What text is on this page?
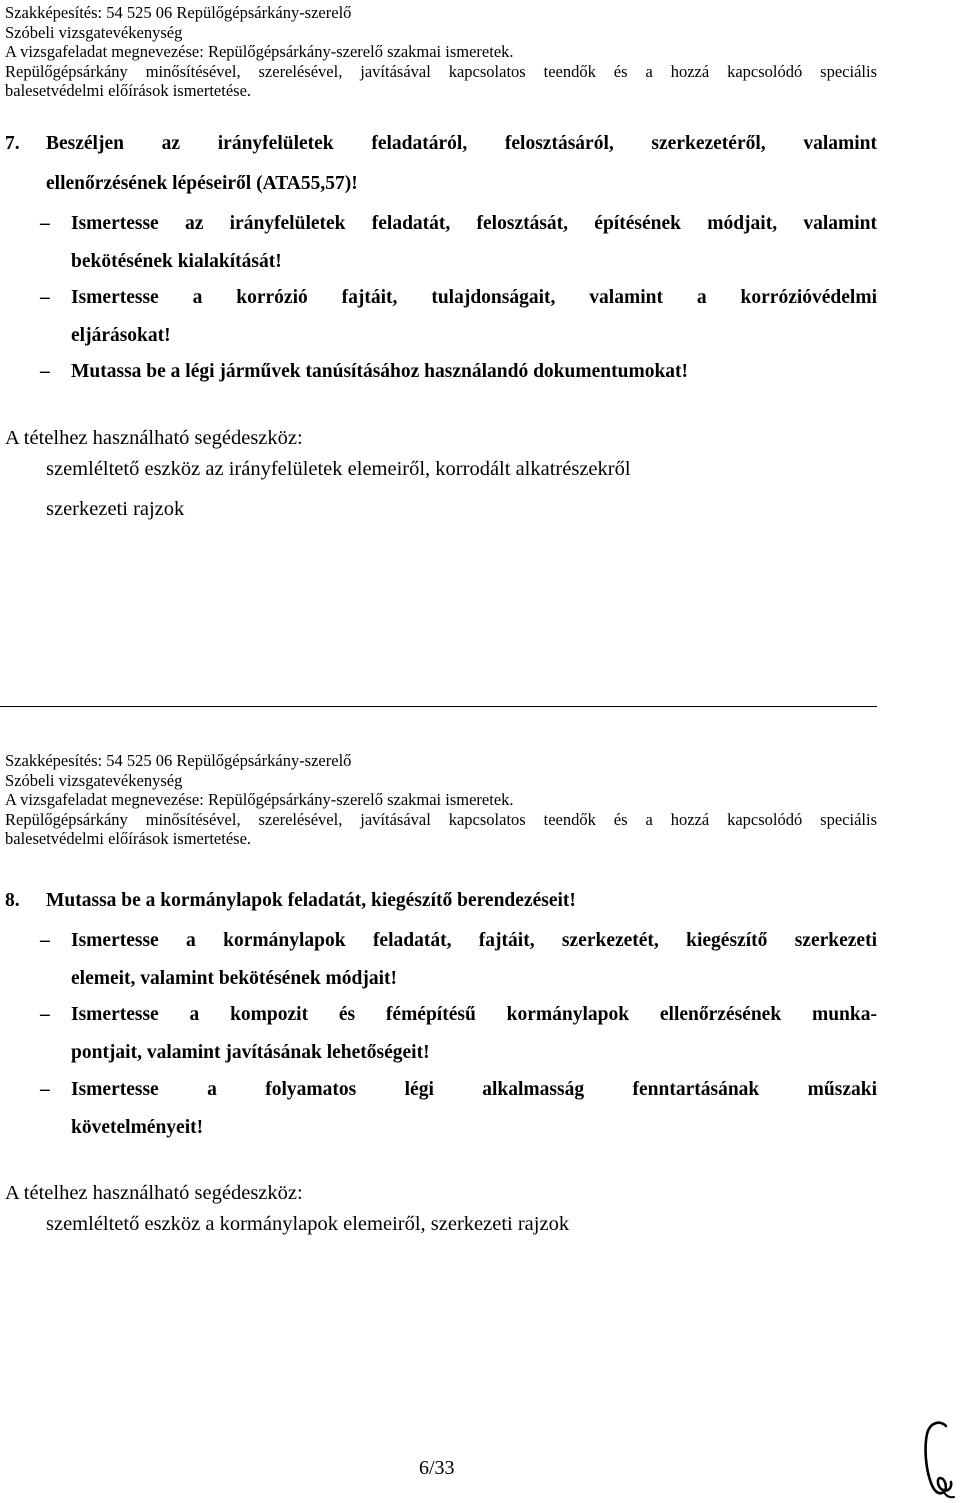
Szakképesítés: 54 525 06 Repülőgépsárkány-szerelő
Szóbeli vizsgatevékenység
A vizsgafeladat megnevezése: Repülőgépsárkány-szerelő szakmai ismeretek.
Repülőgépsárkány minősítésével, szerelésével, javításával kapcsolatos teendők és a hozzá kapcsolódó speciális
balesetvédelmi előírások ismertetése.
7. Beszéljen az irányfelületek feladatáról, felosztásáról, szerkezetéről, valamint
ellenőrzésének lépéseiről (ATA55,57)!
– Ismertesse az irányfelületek feladatát, felosztását, építésének módjait, valamint
bekötésének kialakítását!
– Ismertesse a korrózió fajtáit, tulajdonságait, valamint a korrózióvédelmi
eljárásokat!
– Mutassa be a légi járművek tanúsításához használandó dokumentumokat!
A tételhez használható segédeszköz:
szemléltető eszköz az irányfelületek elemeiről, korrodált alkatrészekről
szerkezeti rajzok
Szakképesítés: 54 525 06 Repülőgépsárkány-szerelő
Szóbeli vizsgatevékenység
A vizsgafeladat megnevezése: Repülőgépsárkány-szerelő szakmai ismeretek.
Repülőgépsárkány minősítésével, szerelésével, javításával kapcsolatos teendők és a hozzá kapcsolódó speciális
balesetvédelmi előírások ismertetése.
8. Mutassa be a kormánylapok feladatát, kiegészítő berendezéseit!
– Ismertesse a kormánylapok feladatát, fajtáit, szerkezetét, kiegészítő szerkezeti
elemeit, valamint bekötésének módjait!
– Ismertesse a kompozit és fémépítésű kormánylapok ellenőrzésének munka-
pontjait, valamint javításának lehetőségeit!
– Ismertesse a folyamatos légi alkalmasság fenntartásának műszaki
követelményeit!
A tételhez használható segédeszköz:
szemléltető eszköz a kormánylapok elemeiről, szerkezeti rajzok
6/33
